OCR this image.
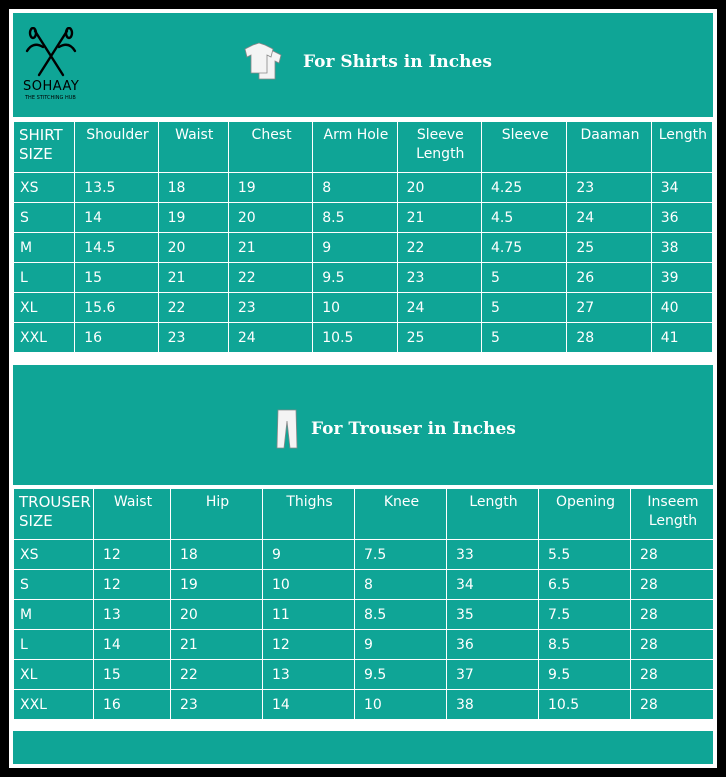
SOHAAY
THE STITCHING HUB
For Shirts in Inches
SHIRT SIZE	Shoulder	Waist	Chest	Arm Hole	Sleeve Length	Sleeve	Daaman	Length
XS	13.5	18	19	8	20	4.25	23	34
S	14	19	20	8.5	21	4.5	24	36
M	14.5	20	21	9	22	4.75	25	38
L	15	21	22	9.5	23	5	26	39
XL	15.6	22	23	10	24	5	27	40
XXL	16	23	24	10.5	25	5	28	41
For Trouser in Inches
TROUSER SIZE	Waist	Hip	Thighs	Knee	Length	Opening	Inseem Length
XS	12	18	9	7.5	33	5.5	28
S	12	19	10	8	34	6.5	28
M	13	20	11	8.5	35	7.5	28
L	14	21	12	9	36	8.5	28
XL	15	22	13	9.5	37	9.5	28
XXL	16	23	14	10	38	10.5	28
